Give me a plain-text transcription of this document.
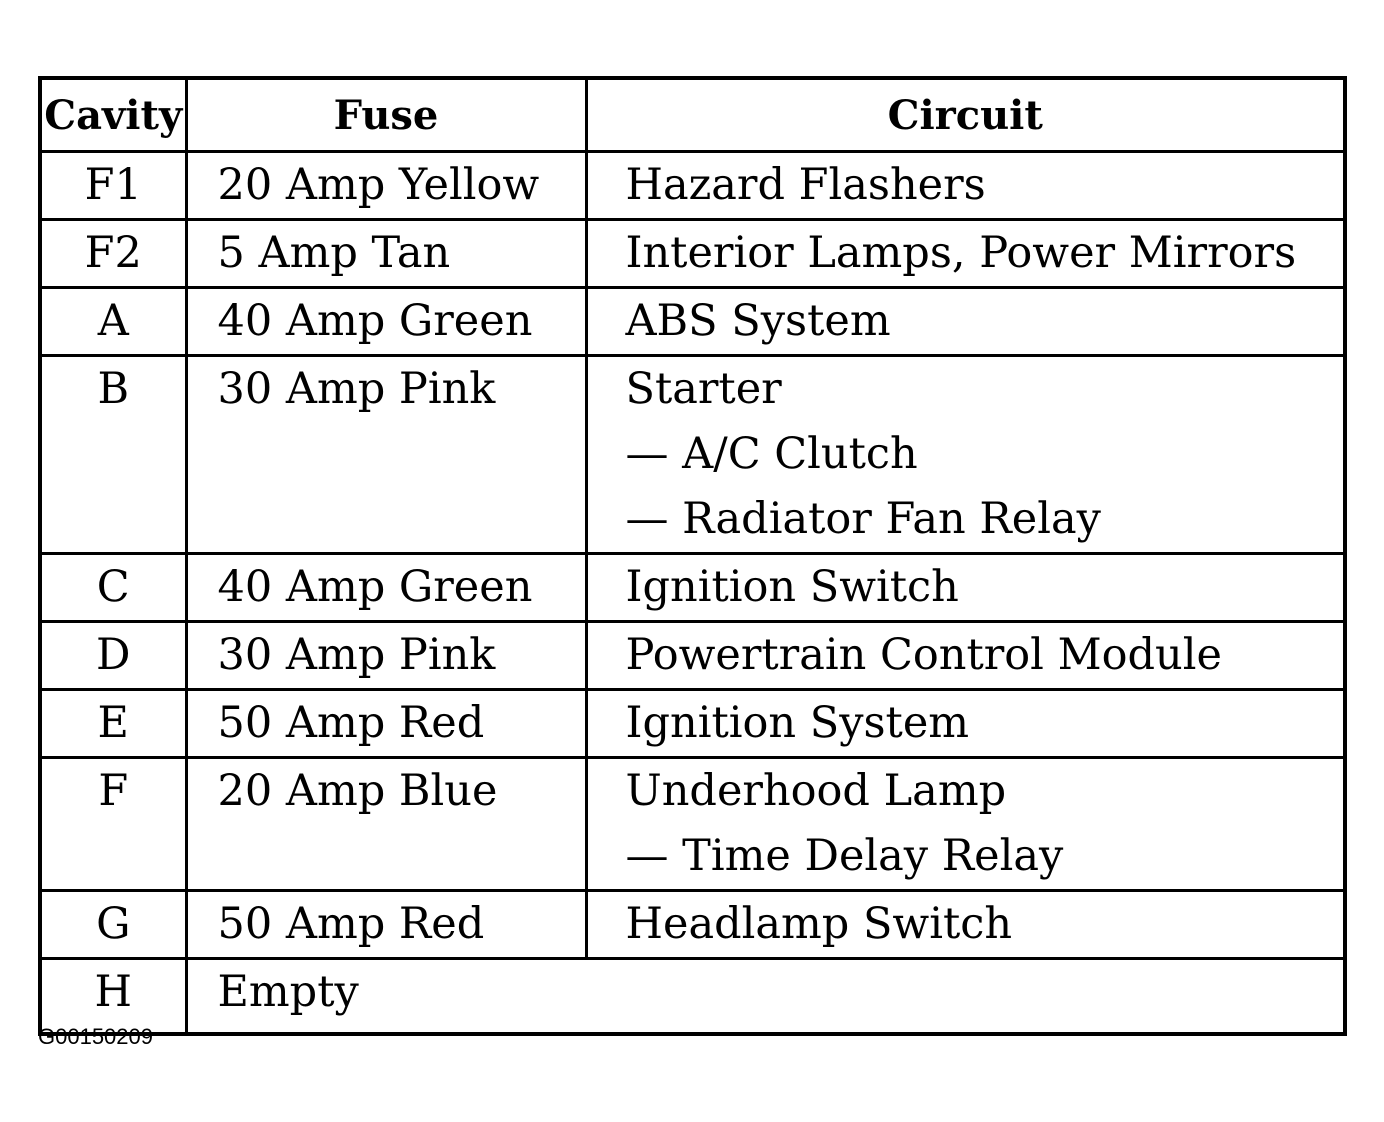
Cavity	Fuse	Circuit
F1	20 Amp Yellow	Hazard Flashers

F2	5 Amp Tan	Interior Lamps, Power Mirrors

A	40 Amp Green	ABS System

B	30 Amp Pink	Starter
— A/C Clutch
— Radiator Fan Relay

C	40 Amp Green	Ignition Switch

D	30 Amp Pink	Powertrain Control Module

E	50 Amp Red	Ignition System

F	20 Amp Blue	Underhood Lamp
— Time Delay Relay

G	50 Amp Red	Headlamp Switch

H	Empty	
G00150209
